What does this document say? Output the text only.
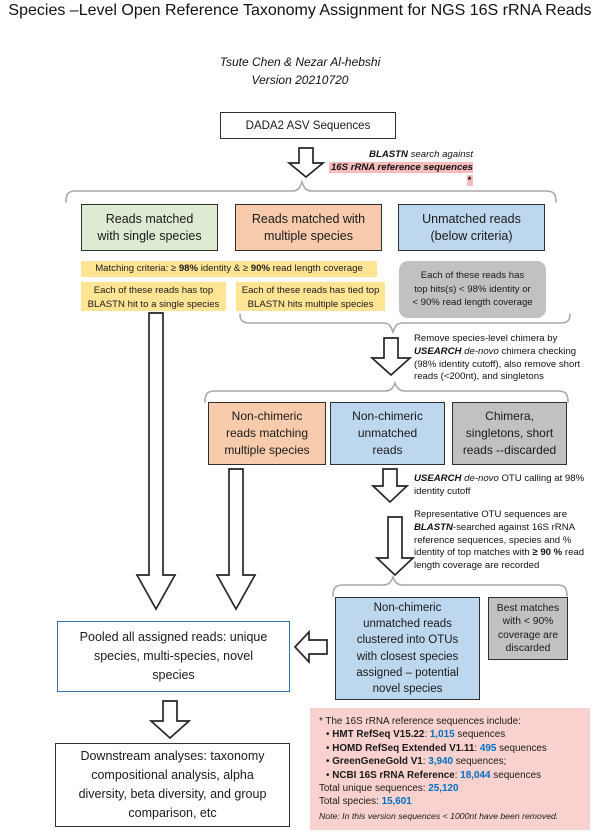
Species –Level Open Reference Taxonomy Assignment for NGS 16S rRNA Reads
Tsute Chen & Nezar Al-hebshi
Version 20210720
DADA2 ASV Sequences
BLASTN search against
16S rRNA reference sequences *
Reads matched
with single species
Reads matched with
multiple species
Unmatched reads
(below criteria)
Matching criteria: ≥ 98% identity & ≥ 90% read length coverage
Each of these reads has top
BLASTN hit to a single species
Each of these reads has tied top
BLASTN hits multiple species
Each of these reads has
top hits(s) < 98% identity or
< 90% read length coverage
Remove species-level chimera by USEARCH de-novo chimera checking (98% identity cutoff), also remove short reads (<200nt), and singletons
Non-chimeric
reads matching
multiple species
Non-chimeric
unmatched
reads
Chimera,
singletons, short
reads --discarded
USEARCH de-novo OTU calling at 98% identity cutoff
Representative OTU sequences are BLASTN-searched against 16S rRNA reference sequences, species and % identity of top matches with ≥ 90 % read length coverage are recorded
Non-chimeric
unmatched reads
clustered into OTUs
with closest species
assigned – potential
novel species
Best matches
with < 90%
coverage are
discarded
Pooled all assigned reads: unique
species, multi-species, novel
species
Downstream analyses: taxonomy
compositional analysis, alpha
diversity, beta diversity, and group
comparison, etc
* The 16S rRNA reference sequences include:
• HMT RefSeq V15.22: 1,015 sequences
• HOMD RefSeq Extended V1.11: 495 sequences
• GreenGeneGold V1: 3,940 sequences;
• NCBI 16S rRNA Reference: 18,044 sequences
Total unique sequences: 25,120
Total species: 15,601
Note: In this version sequences < 1000nt have been removed.
